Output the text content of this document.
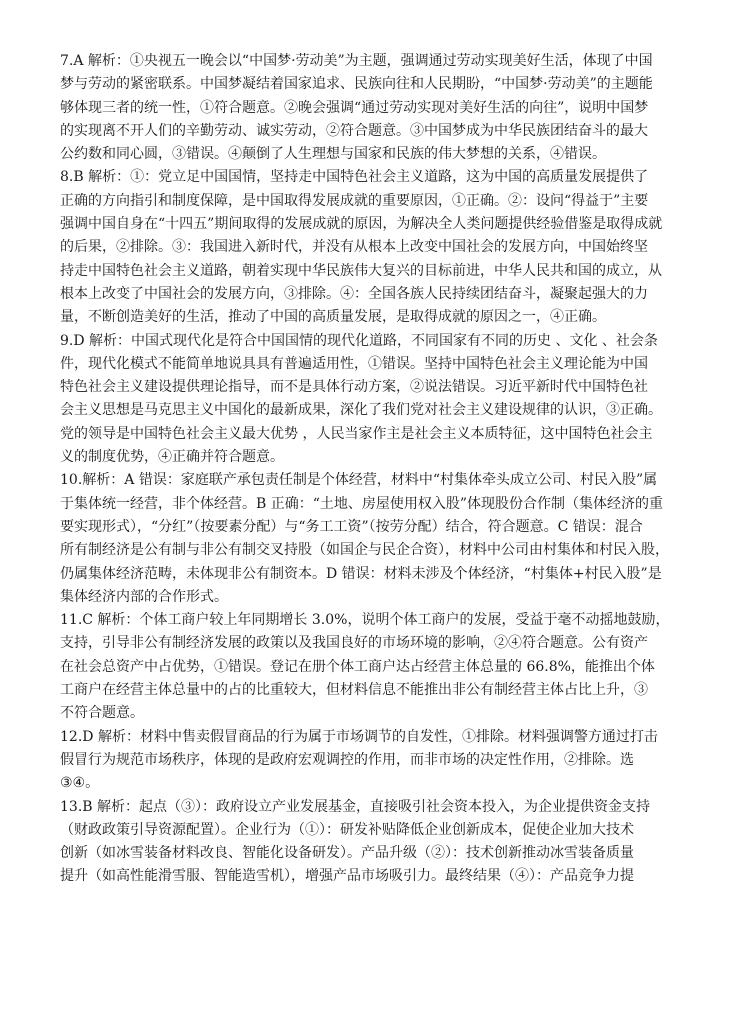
7.A 解析：①央视五一晚会以“中国梦·劳动美”为主题，强调通过劳动实现美好生活，体现了中国
梦与劳动的紧密联系。中国梦凝结着国家追求、民族向往和人民期盼，“中国梦·劳动美”的主题能
够体现三者的统一性，①符合题意。②晚会强调“通过劳动实现对美好生活的向往”，说明中国梦
的实现离不开人们的辛勤劳动、诚实劳动，②符合题意。③中国梦成为中华民族团结奋斗的最大
公约数和同心圆，③错误。④颠倒了人生理想与国家和民族的伟大梦想的关系，④错误。
8.B 解析：①：党立足中国国情，坚持走中国特色社会主义道路，这为中国的高质量发展提供了
正确的方向指引和制度保障，是中国取得发展成就的重要原因，①正确。②：设问“得益于”主要
强调中国自身在“十四五”期间取得的发展成就的原因，为解决全人类问题提供经验借鉴是取得成就
的后果，②排除。③：我国进入新时代，并没有从根本上改变中国社会的发展方向，中国始终坚
持走中国特色社会主义道路，朝着实现中华民族伟大复兴的目标前进，中华人民共和国的成立，从
根本上改变了中国社会的发展方向，③排除。④：全国各族人民持续团结奋斗，凝聚起强大的力
量，不断创造美好的生活，推动了中国的高质量发展，是取得成就的原因之一，④正确。
9.D 解析：中国式现代化是符合中国国情的现代化道路，不同国家有不同的历史 、文化 、社会条
件，现代化模式不能简单地说具具有普遍适用性，①错误。坚持中国特色社会主义理论能为中国
特色社会主义建设提供理论指导，而不是具体行动方案，②说法错误。习近平新时代中国特色社
会主义思想是马克思主义中国化的最新成果，深化了我们党对社会主义建设规律的认识，③正确。
党的领导是中国特色社会主义最大优势 ，人民当家作主是社会主义本质特征，这中国特色社会主
义的制度优势，④正确并符合题意。
10.解析：A 错误：家庭联产承包责任制是个体经营，材料中“村集体牵头成立公司、村民入股”属
于集体统一经营，非个体经营。B 正确：“土地、房屋使用权入股”体现股份合作制（集体经济的重
要实现形式），“分红”（按要素分配）与“务工工资”（按劳分配）结合，符合题意。C 错误：混合
所有制经济是公有制与非公有制交叉持股（如国企与民企合资），材料中公司由村集体和村民入股，
仍属集体经济范畴，未体现非公有制资本。D 错误：材料未涉及个体经济，“村集体+村民入股”是
集体经济内部的合作形式。
11.C 解析：个体工商户较上年同期增长 3.0%，说明个体工商户的发展，受益于毫不动摇地鼓励，
支持，引导非公有制经济发展的政策以及我国良好的市场环境的影响，②④符合题意。公有资产
在社会总资产中占优势，①错误。登记在册个体工商户达占经营主体总量的 66.8%，能推出个体
工商户在经营主体总量中的占的比重较大，但材料信息不能推出非公有制经营主体占比上升，③
不符合题意。
12.D 解析：材料中售卖假冒商品的行为属于市场调节的自发性，①排除。材料强调警方通过打击
假冒行为规范市场秩序，体现的是政府宏观调控的作用，而非市场的决定性作用，②排除。选
③④。
13.B 解析：起点（③）：政府设立产业发展基金，直接吸引社会资本投入，为企业提供资金支持
（财政政策引导资源配置）。企业行为（①）：研发补贴降低企业创新成本，促使企业加大技术
创新（如冰雪装备材料改良、智能化设备研发）。产品升级（②）：技术创新推动冰雪装备质量
提升（如高性能滑雪服、智能造雪机），增强产品市场吸引力。最终结果（④）：产品竞争力提
